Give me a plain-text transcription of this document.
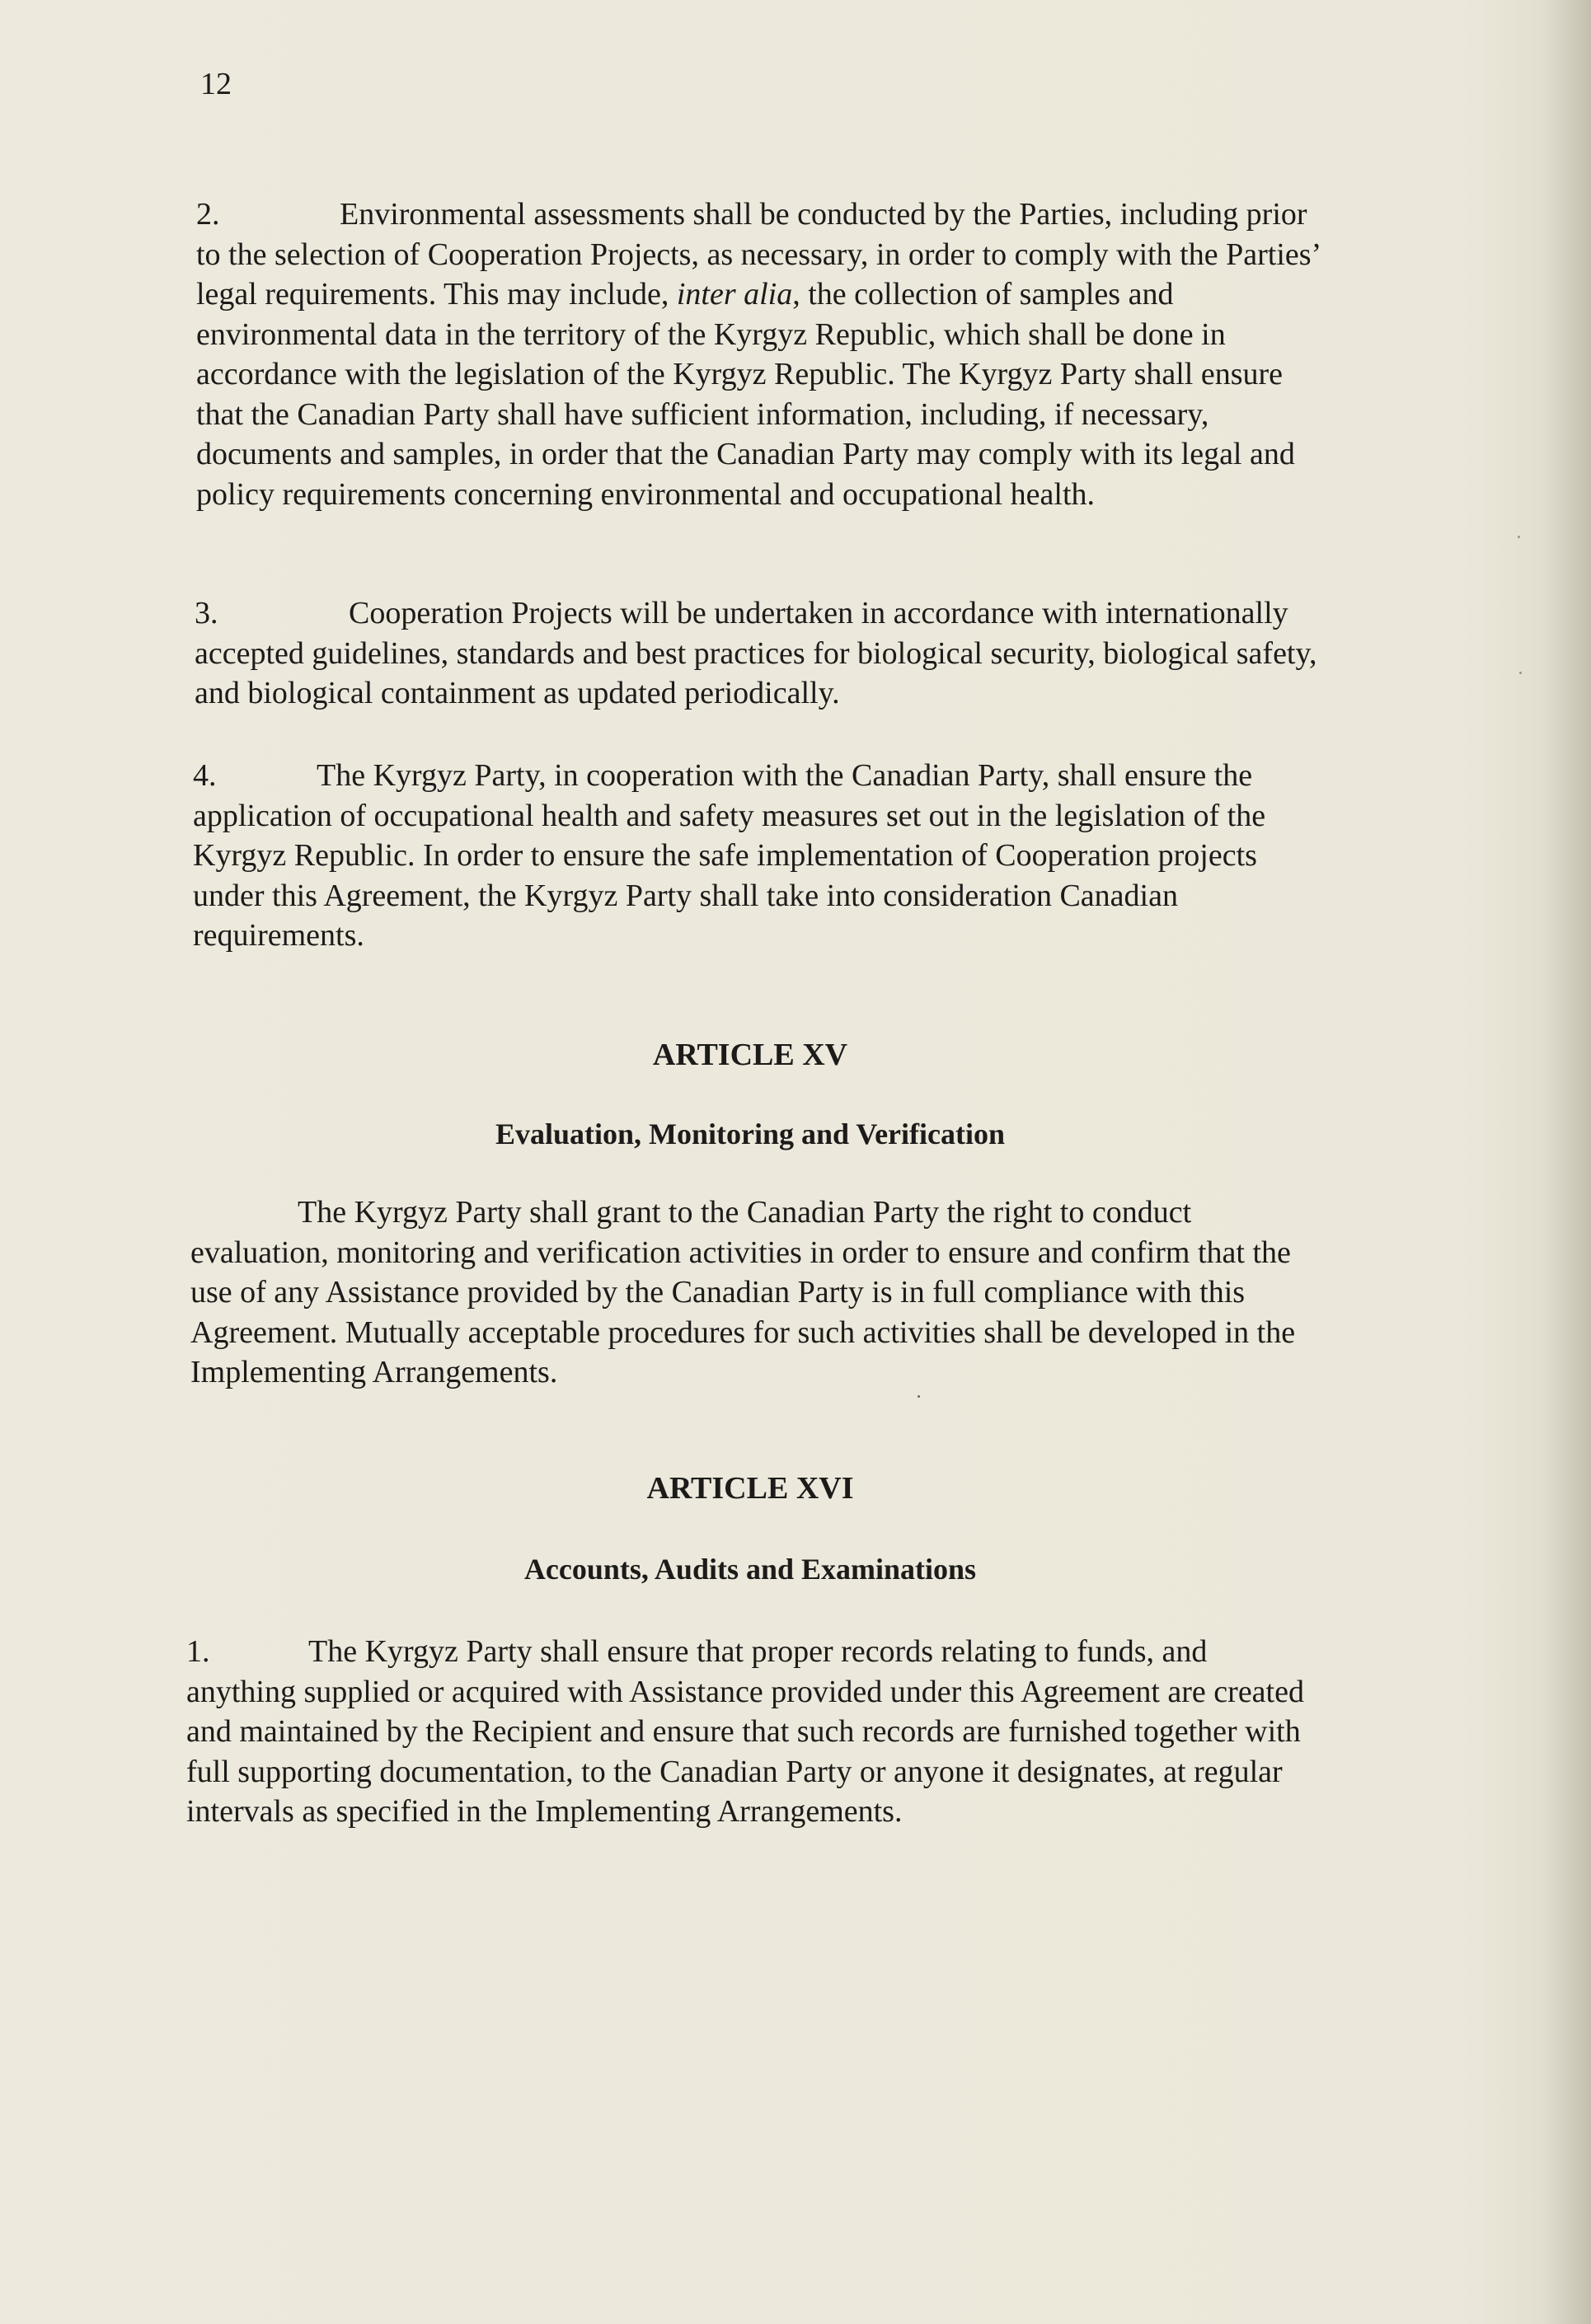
12

2.	Environmental assessments shall be conducted by the Parties, including prior to the selection of Cooperation Projects, as necessary, in order to comply with the Parties’ legal requirements. This may include, inter alia, the collection of samples and environmental data in the territory of the Kyrgyz Republic, which shall be done in accordance with the legislation of the Kyrgyz Republic. The Kyrgyz Party shall ensure that the Canadian Party shall have sufficient information, including, if necessary, documents and samples, in order that the Canadian Party may comply with its legal and policy requirements concerning environmental and occupational health.

3.	Cooperation Projects will be undertaken in accordance with internationally accepted guidelines, standards and best practices for biological security, biological safety, and biological containment as updated periodically.

4.	The Kyrgyz Party, in cooperation with the Canadian Party, shall ensure the application of occupational health and safety measures set out in the legislation of the Kyrgyz Republic. In order to ensure the safe implementation of Cooperation projects under this Agreement, the Kyrgyz Party shall take into consideration Canadian requirements.

ARTICLE XV
Evaluation, Monitoring and Verification

The Kyrgyz Party shall grant to the Canadian Party the right to conduct evaluation, monitoring and verification activities in order to ensure and confirm that the use of any Assistance provided by the Canadian Party is in full compliance with this Agreement. Mutually acceptable procedures for such activities shall be developed in the Implementing Arrangements.

ARTICLE XVI
Accounts, Audits and Examinations

1.	The Kyrgyz Party shall ensure that proper records relating to funds, and anything supplied or acquired with Assistance provided under this Agreement are created and maintained by the Recipient and ensure that such records are furnished together with full supporting documentation, to the Canadian Party or anyone it designates, at regular intervals as specified in the Implementing Arrangements.
